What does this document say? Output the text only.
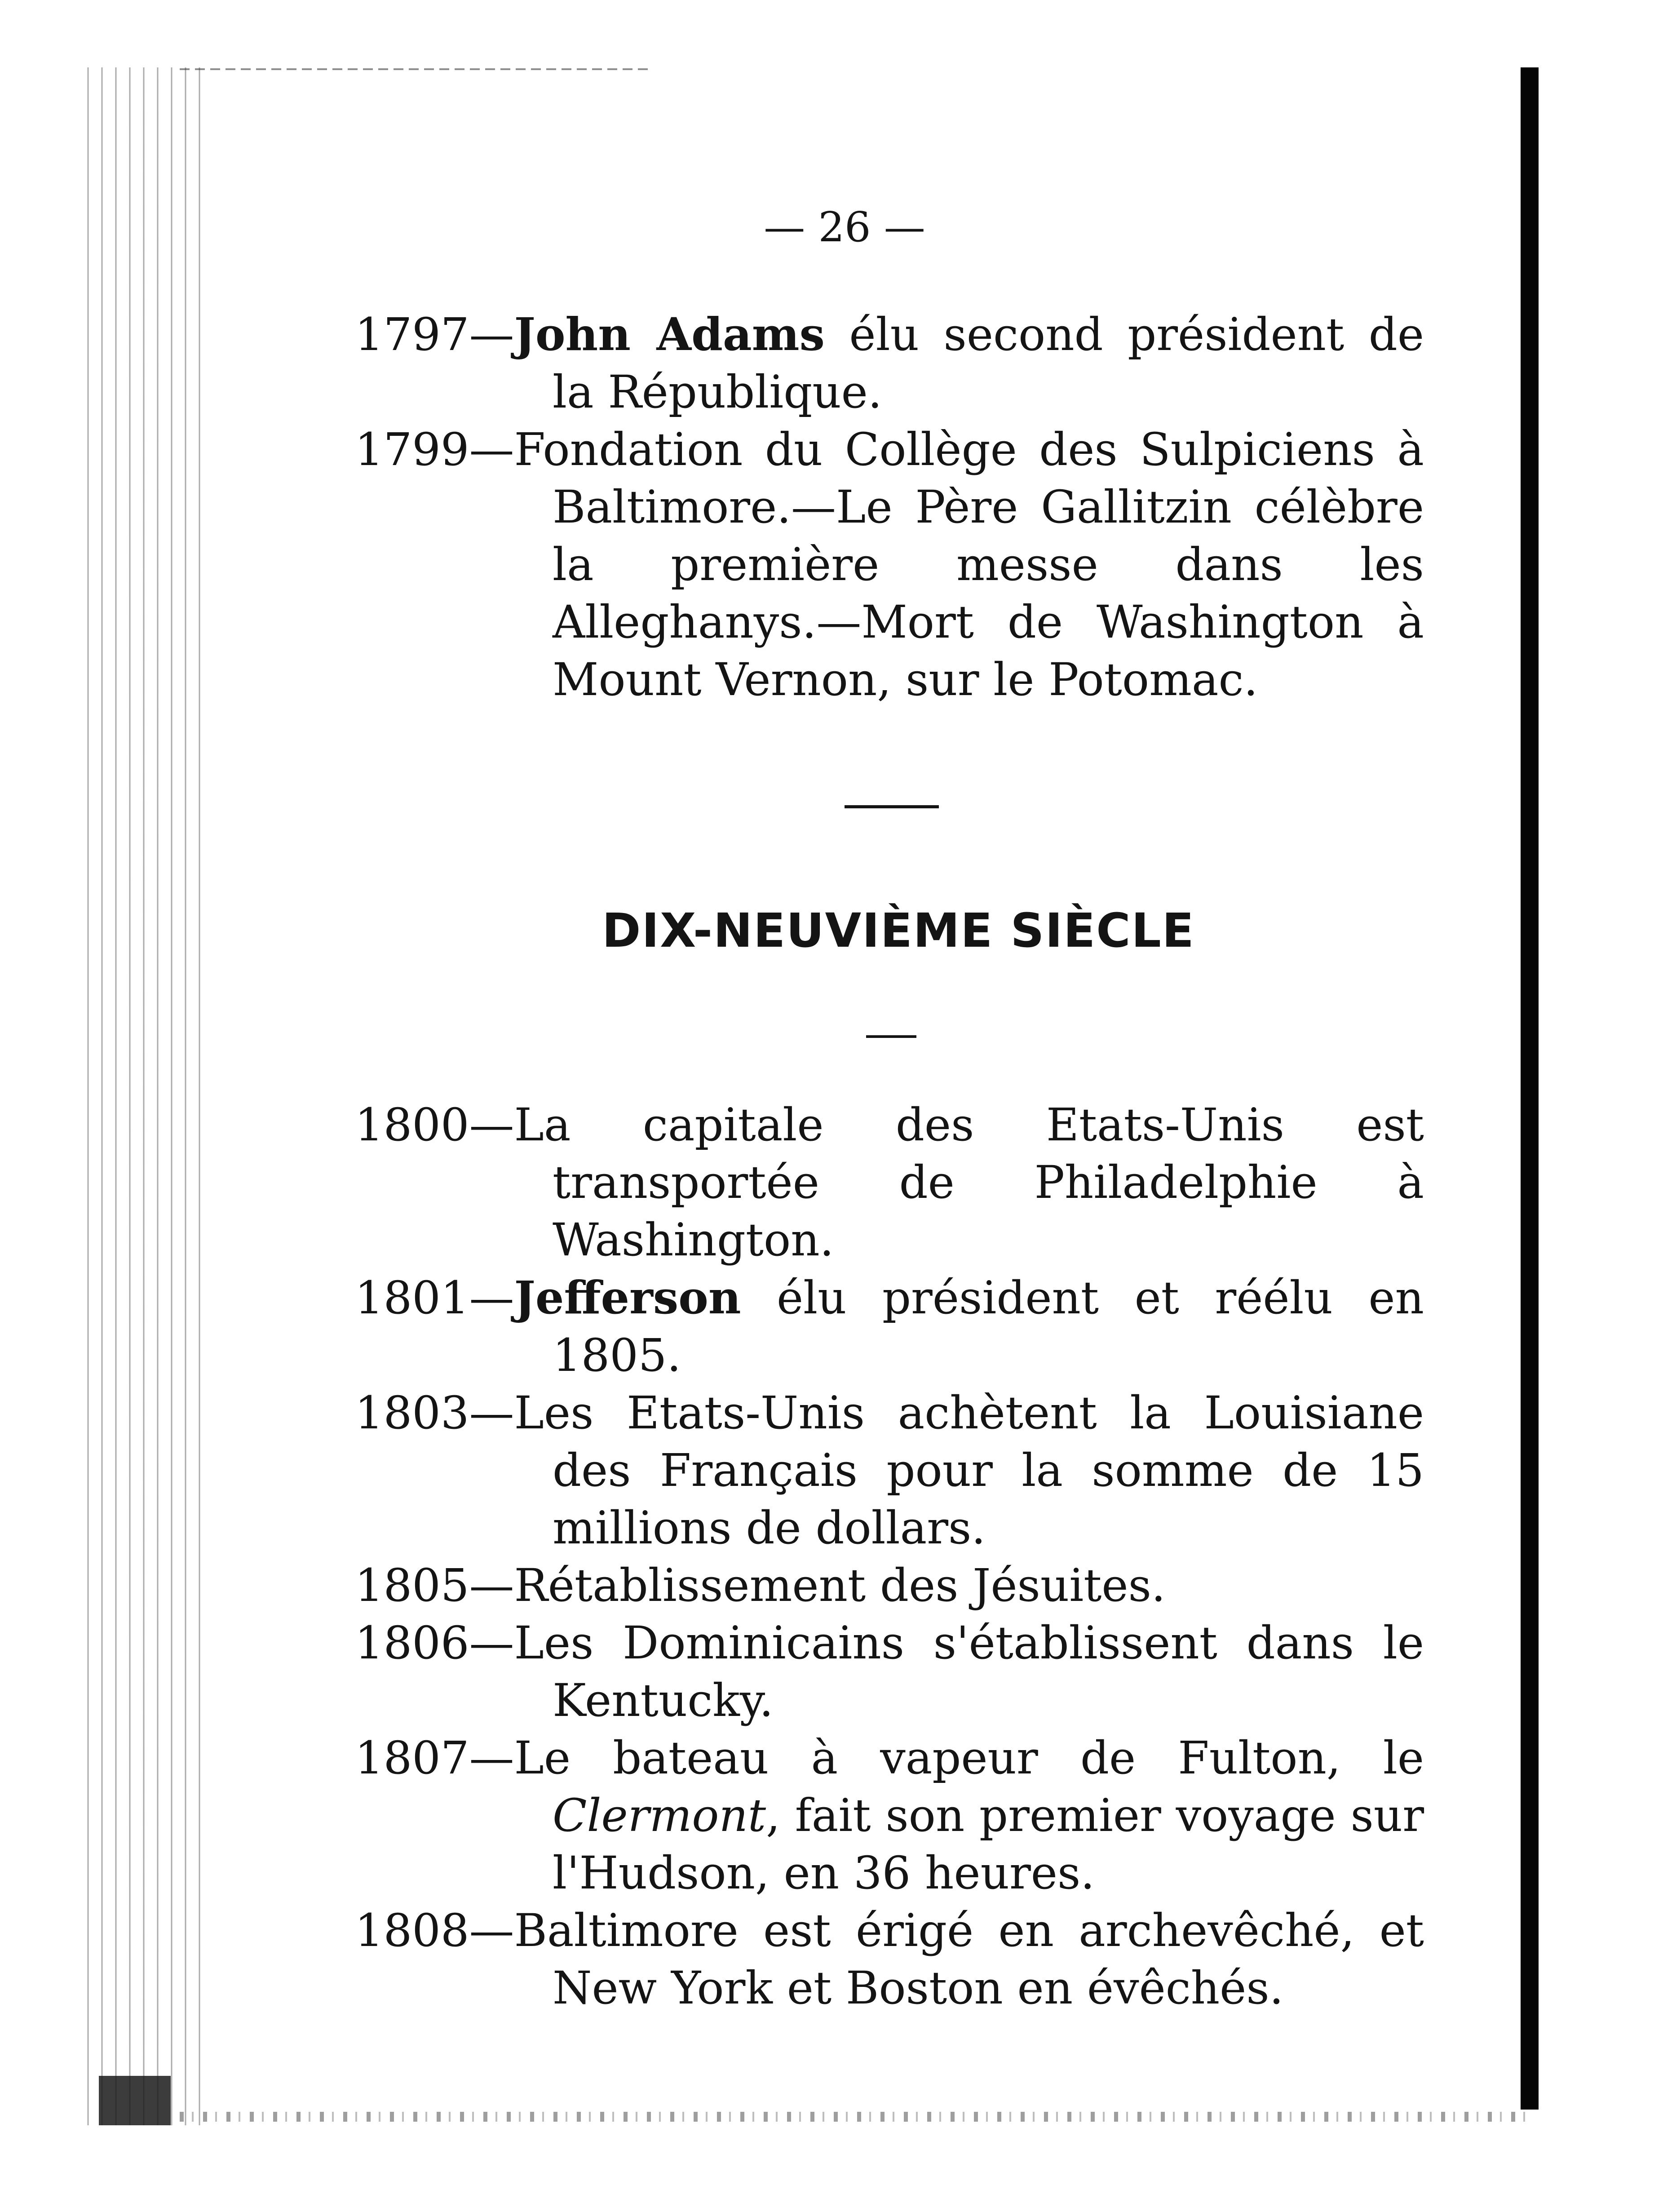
— 26 —

1797—John Adams élu second président de la République.

1799—Fondation du Collège des Sulpiciens à Baltimore.—Le Père Gallitzin célèbre la première messe dans les Alleghanys.—Mort de Washington à Mount Vernon, sur le Potomac.

DIX-NEUVIÈME SIÈCLE

1800—La capitale des Etats-Unis est transportée de Philadelphie à Washington.

1801—Jefferson élu président et réélu en 1805.

1803—Les Etats-Unis achètent la Louisiane des Français pour la somme de 15 millions de dollars.

1805—Rétablissement des Jésuites.

1806—Les Dominicains s'établissent dans le Kentucky.

1807—Le bateau à vapeur de Fulton, le Clermont, fait son premier voyage sur l'Hudson, en 36 heures.

1808—Baltimore est érigé en archevêché, et New York et Boston en évêchés.
